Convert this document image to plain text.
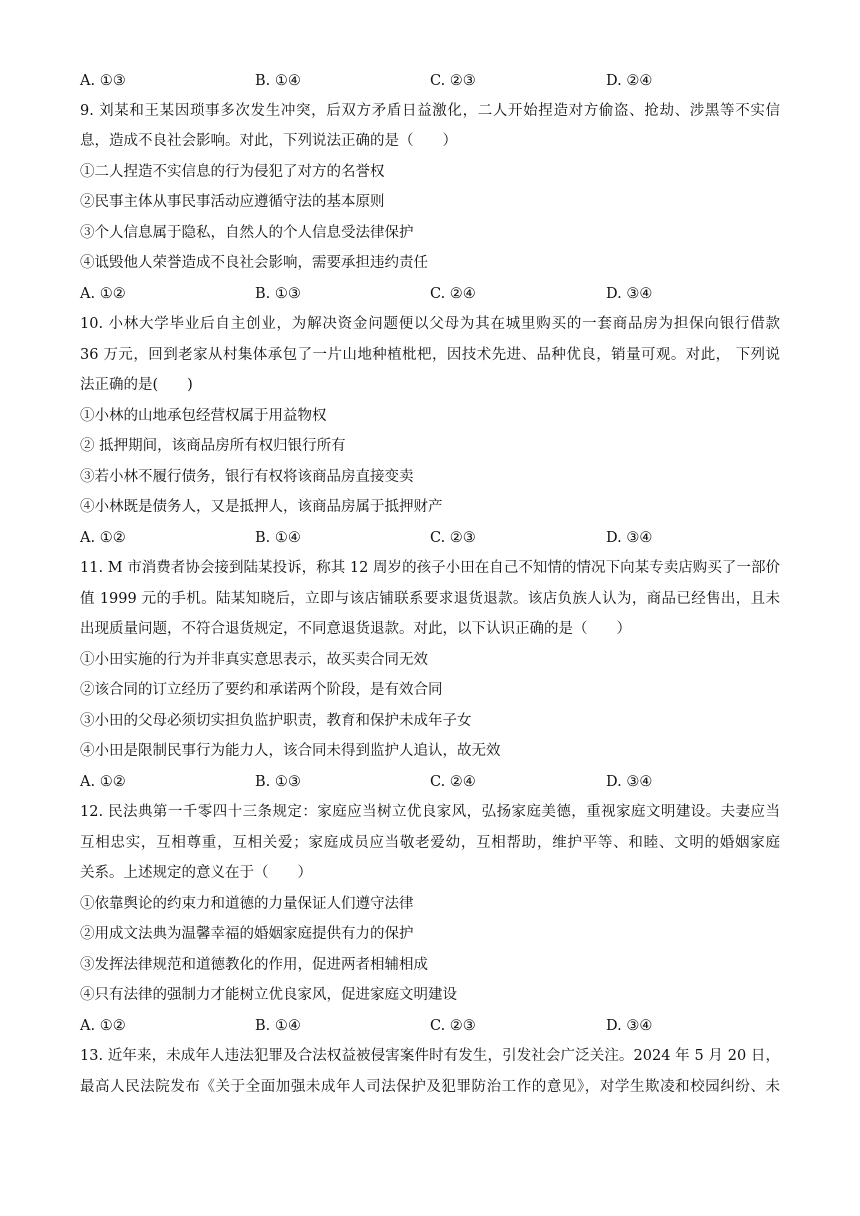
A. ①③	B. ①④	C. ②③	D. ②④
9. 刘某和王某因琐事多次发生冲突，后双方矛盾日益激化，二人开始捏造对方偷盗、抢劫、涉黑等不实信
息，造成不良社会影响。对此，下列说法正确的是（　　）
①二人捏造不实信息的行为侵犯了对方的名誉权
②民事主体从事民事活动应遵循守法的基本原则
③个人信息属于隐私，自然人的个人信息受法律保护
④诋毁他人荣誉造成不良社会影响，需要承担违约责任
A. ①②	B. ①③	C. ②④	D. ③④
10. 小林大学毕业后自主创业，为解决资金问题便以父母为其在城里购买的一套商品房为担保向银行借款
36 万元，回到老家从村集体承包了一片山地种植枇杷，因技术先进、品种优良，销量可观。对此， 下列说
法正确的是(　　)
①小林的山地承包经营权属于用益物权
② 抵押期间，该商品房所有权归银行所有
③若小林不履行债务，银行有权将该商品房直接变卖
④小林既是债务人，又是抵押人，该商品房属于抵押财产
A. ①②	B. ①④	C. ②③	D. ③④
11. M 市消费者协会接到陆某投诉，称其 12 周岁的孩子小田在自己不知情的情况下向某专卖店购买了一部价
值 1999 元的手机。陆某知晓后，立即与该店铺联系要求退货退款。该店负族人认为，商品已经售出，且未
出现质量问题，不符合退货规定，不同意退货退款。对此，以下认识正确的是（　　）
①小田实施的行为并非真实意思表示，故买卖合同无效
②该合同的订立经历了要约和承诺两个阶段，是有效合同
③小田的父母必须切实担负监护职责，教育和保护未成年子女
④小田是限制民事行为能力人，该合同未得到监护人追认，故无效
A. ①②	B. ①③	C. ②④	D. ③④
12. 民法典第一千零四十三条规定：家庭应当树立优良家风，弘扬家庭美德，重视家庭文明建设。夫妻应当
互相忠实，互相尊重，互相关爱；家庭成员应当敬老爱幼，互相帮助，维护平等、和睦、文明的婚姻家庭
关系。上述规定的意义在于（　　）
①依靠舆论的约束力和道德的力量保证人们遵守法律
②用成文法典为温馨幸福的婚姻家庭提供有力的保护
③发挥法律规范和道德教化的作用，促进两者相辅相成
④只有法律的强制力才能树立优良家风，促进家庭文明建设
A. ①②	B. ①④	C. ②③	D. ③④
13. 近年来，未成年人违法犯罪及合法权益被侵害案件时有发生，引发社会广泛关注。2024 年 5 月 20 日，
最高人民法院发布《关于全面加强未成年人司法保护及犯罪防治工作的意见》，对学生欺凌和校园纠纷、未
